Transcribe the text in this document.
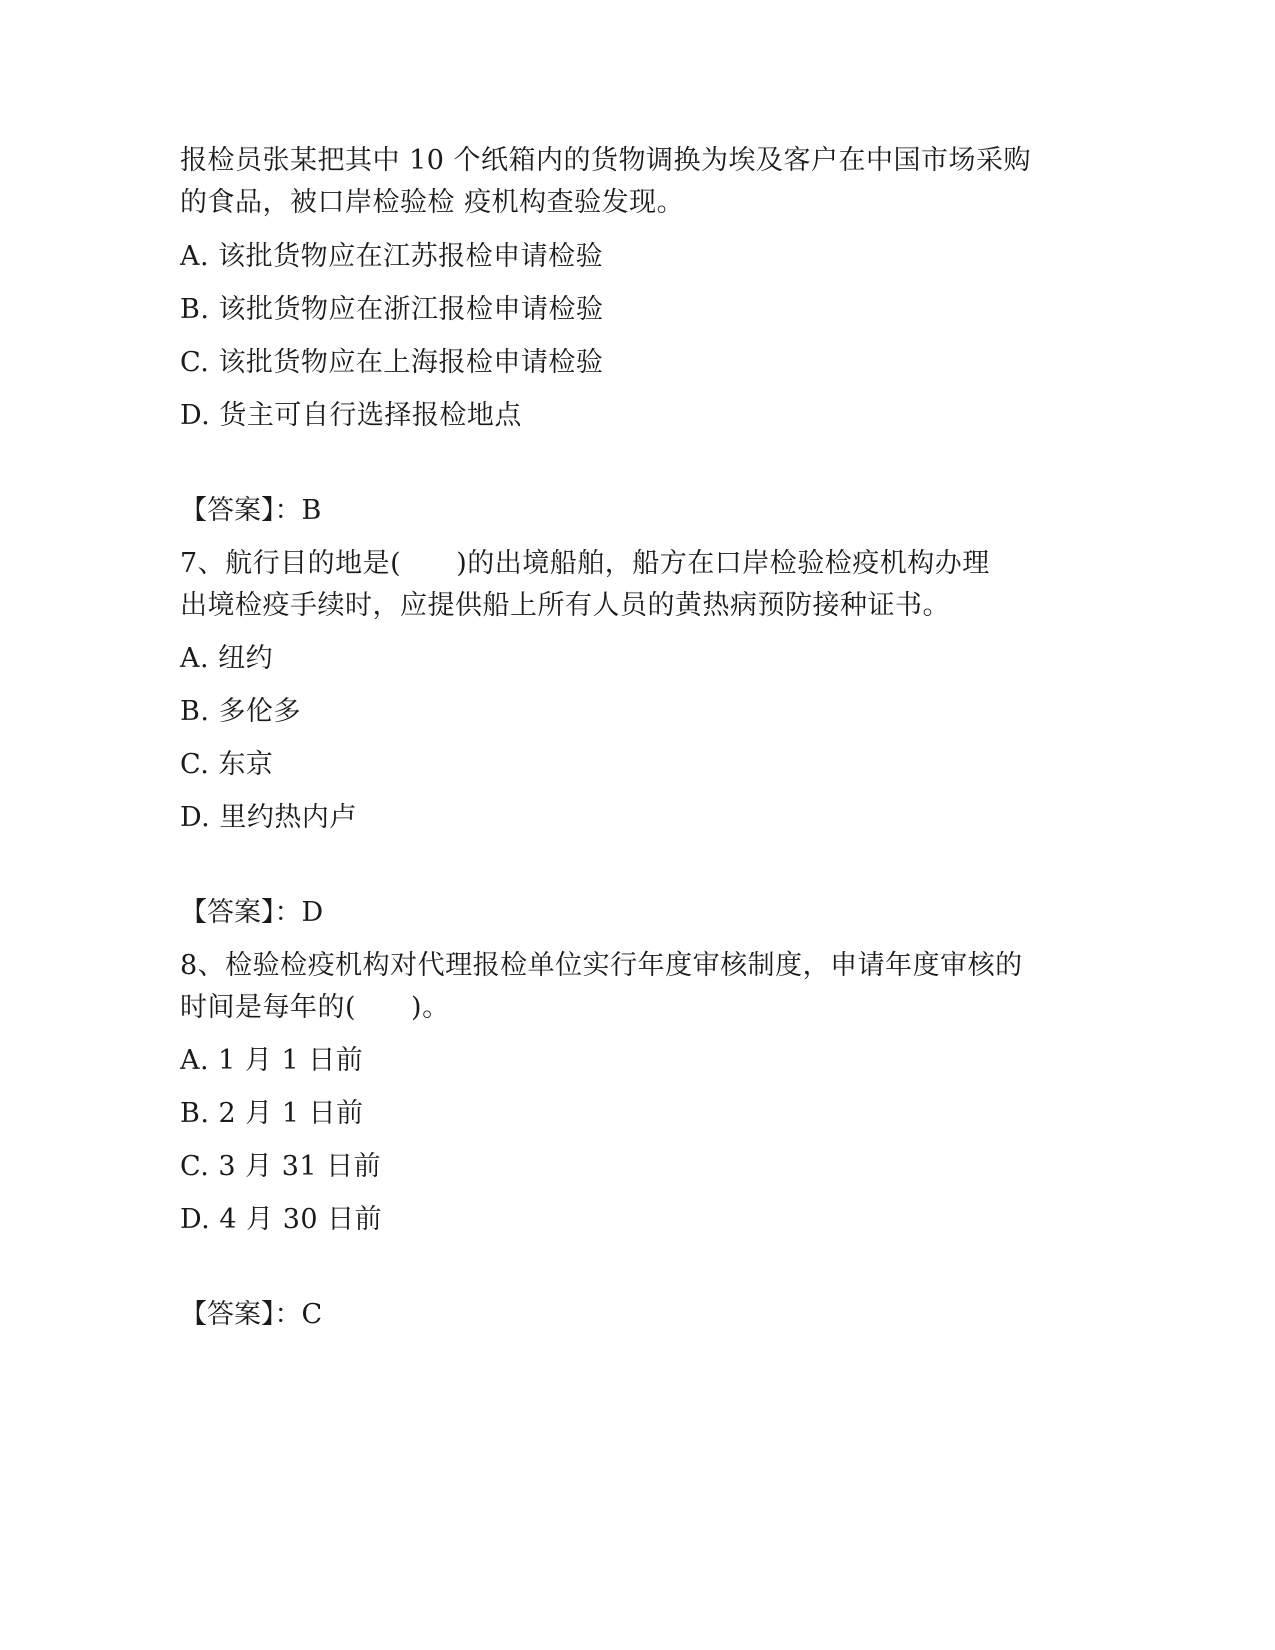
报检员张某把其中 10 个纸箱内的货物调换为埃及客户在中国市场采购
的食品，被口岸检验检 疫机构查验发现。
A. 该批货物应在江苏报检申请检验
B. 该批货物应在浙江报检申请检验
C. 该批货物应在上海报检申请检验
D. 货主可自行选择报检地点
【答案】：B
7、航行目的地是(　　)的出境船舶，船方在口岸检验检疫机构办理
出境检疫手续时，应提供船上所有人员的黄热病预防接种证书。
A. 纽约
B. 多伦多
C. 东京
D. 里约热内卢
【答案】：D
8、检验检疫机构对代理报检单位实行年度审核制度，申请年度审核的
时间是每年的(　　)。
A. 1 月 1 日前
B. 2 月 1 日前
C. 3 月 31 日前
D. 4 月 30 日前
【答案】：C
